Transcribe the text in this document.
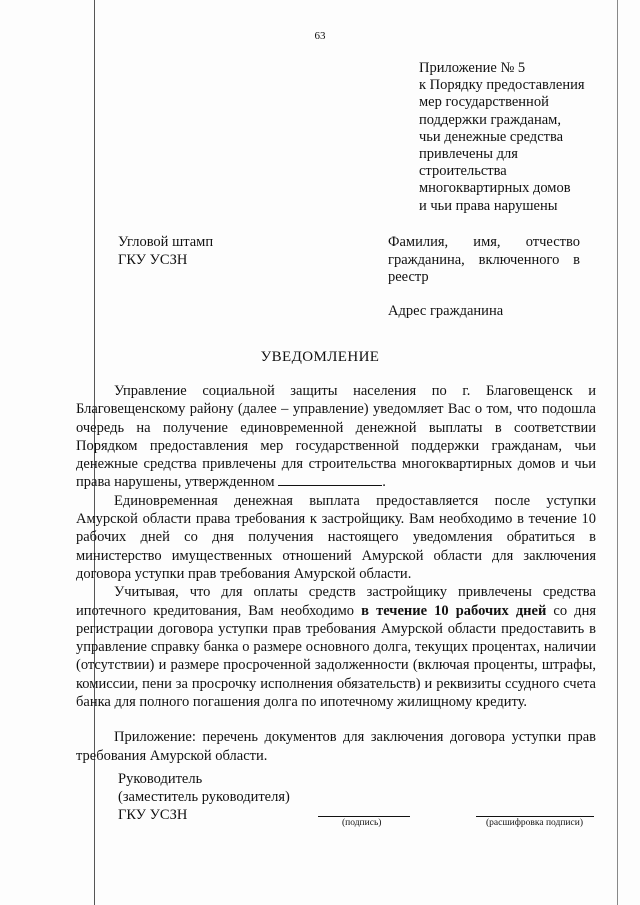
63
Приложение № 5
к Порядку предоставления
мер государственной
поддержки гражданам,
чьи денежные средства
привлечены для
строительства
многоквартирных домов
и чьи права нарушены
Угловой штамп
ГКУ УСЗН
Фамилия, имя, отчество
гражданина, включенного в
реестр
Адрес гражданина
УВЕДОМЛЕНИЕ
Управление социальной защиты населения по г. Благовещенск и Благовещенскому району (далее – управление) уведомляет Вас о том, что подошла очередь на получение единовременной денежной выплаты в соответствии Порядком предоставления мер государственной поддержки гражданам, чьи денежные средства привлечены для строительства многоквартирных домов и чьи права нарушены, утвержденном	.
Единовременная денежная выплата предоставляется после уступки Амурской области права требования к застройщику. Вам необходимо в течение 10 рабочих дней со дня получения настоящего уведомления обратиться в министерство имущественных отношений Амурской области для заключения договора уступки прав требования Амурской области.
Учитывая, что для оплаты средств застройщику привлечены средства ипотечного кредитования, Вам необходимо в течение 10 рабочих дней со дня регистрации договора уступки прав требования Амурской области предоставить в управление справку банка о размере основного долга, текущих процентах, наличии (отсутствии) и размере просроченной задолженности (включая проценты, штрафы, комиссии, пени за просрочку исполнения обязательств) и реквизиты ссудного счета банка для полного погашения долга по ипотечному жилищному кредиту.
Приложение: перечень документов для заключения договора уступки прав требования Амурской области.
Руководитель
(заместитель руководителя)
ГКУ УСЗН	(подпись)	(расшифровка подписи)
